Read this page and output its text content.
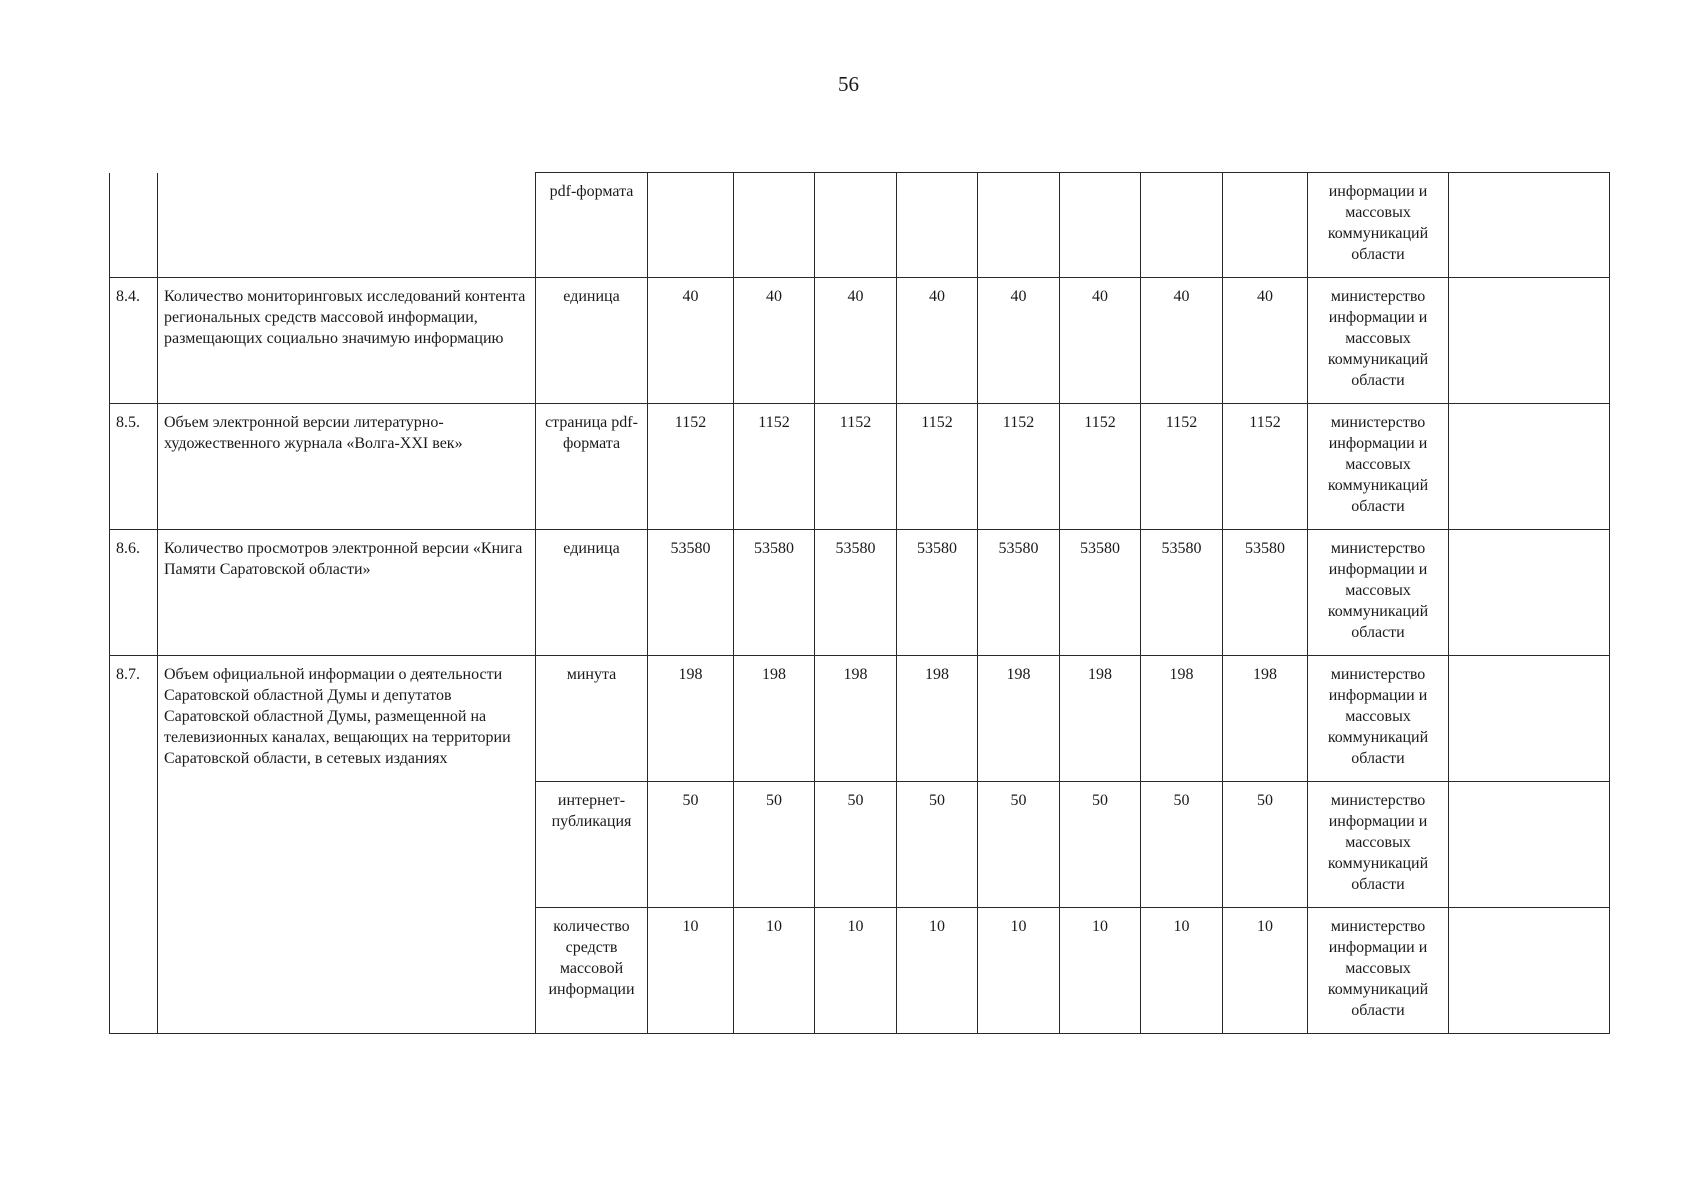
56
		pdf-формата									информации и массовых коммуникаций области	
8.4.	Количество мониторинговых исследований контента региональных средств массовой информации, размещающих социально значимую информацию	единица	40	40	40	40	40	40	40	40	министерство информации и массовых коммуникаций области	
8.5.	Объем электронной версии литературно-художественного журнала «Волга-XXI век»	страница pdf-формата	1152	1152	1152	1152	1152	1152	1152	1152	министерство информации и массовых коммуникаций области	
8.6.	Количество просмотров электронной версии «Книга Памяти Саратовской области»	единица	53580	53580	53580	53580	53580	53580	53580	53580	министерство информации и массовых коммуникаций области	
8.7.	Объем официальной информации о деятельности Саратовской областной Думы и депутатов Саратовской областной Думы, размещенной на телевизионных каналах, вещающих на территории Саратовской области, в сетевых изданиях	минута	198	198	198	198	198	198	198	198	министерство информации и массовых коммуникаций области	
		интернет-публикация	50	50	50	50	50	50	50	50	министерство информации и массовых коммуникаций области	
		количество средств массовой информации	10	10	10	10	10	10	10	10	министерство информации и массовых коммуникаций области	
